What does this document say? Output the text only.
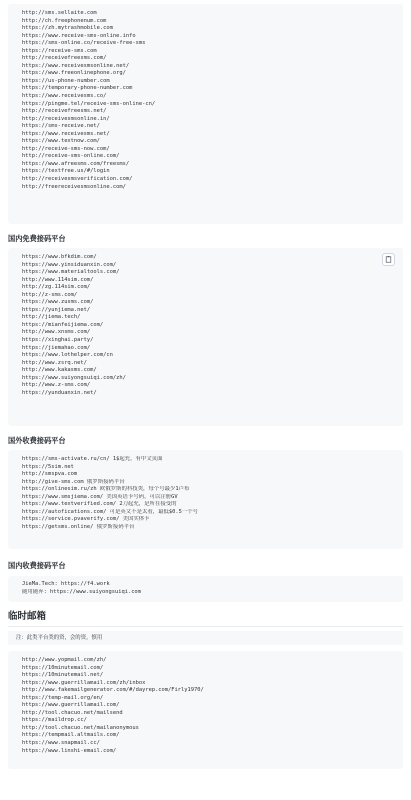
http://sms.sellaite.com
http://ch.freephonenum.com
https://zh.mytrashmobile.com
https://www.receive-sms-online.info
https://sms-online.co/receive-free-sms
https://receive-sms.com
http://receivefreesms.com/
https://www.receivesmsonline.net/
https://www.freeonlinephone.org/
https://us-phone-number.com
https://temporary-phone-number.com
https://www.receivesms.co/
https://pingme.tel/receive-sms-online-cn/
http://receivefreesms.net/
http://receivesmsonline.in/
https://sms-receive.net/
https://www.receivesms.net/
https://www.textnow.com/
http://receive-sms-now.com/
http://receive-sms-online.com/
https://www.afreesms.com/freesms/
https://textfree.us/#/login
http://receivesmsverification.com/
http://freereceivesmsonline.com/
国内免费接码平台
https://www.bfkdim.com/
https://www.yinsiduanxin.com/
https://www.materialtools.com/
http://www.114sim.com/
http://zg.114sim.com/
http://z-sms.com/
https://www.zusms.com/
https://yunjiema.net/
http://jiema.tech/
https://mianfeijiema.com/
http://www.xnsms.com/
https://xinghai.party/
https://jiemahao.com/
https://www.lothelper.com/cn
http://www.zsrq.net/
http://www.kakasms.com/
https://www.suiyongsuiqi.com/zh/
http://www.z-sms.com/
https://yunduanxin.net/
国外收费接码平台
https://sms-activate.ru/cn/ 1$起充，有中文页面
https://5sim.net
http://smspva.com
http://give-sms.com 俄罗斯接码平台
https://onlinesim.ru/zh 欧俄罗斯的科技类，每个号最少1卢布
https://www.smsjiema.com/ 美国英语卡号码，可以注册GV
https://www.textverified.com/ 2刀起充，是所在接受的
https://autofications.com/ 可是英文不是太看，最低$0.5一个号
https://service.pvaverify.com/ 美国实体卡
https://getsms.online/ 俄罗斯接码平台
国内收费接码平台
JieMa.Tech: https://f4.work
随用随弃: https://www.suiyongsuiqi.com
临时邮箱
注：此类平台类的资，会的资，慎用
http://www.yopmail.com/zh/
https://10minutemail.com/
https://10minutemail.net/
https://www.guerrillamail.com/zh/inbox
http://www.fakemailgenerator.com/#/dayrep.com/Firly1970/
https://temp-mail.org/en/
https://www.guerrillamail.com/
http://tool.chacuo.net/mailsend
https://maildrop.cc/
http://tool.chacuo.net/mailanonymous
https://tempmail.altmails.com/
https://www.snapmail.cc/
https://www.linshi-email.com/
